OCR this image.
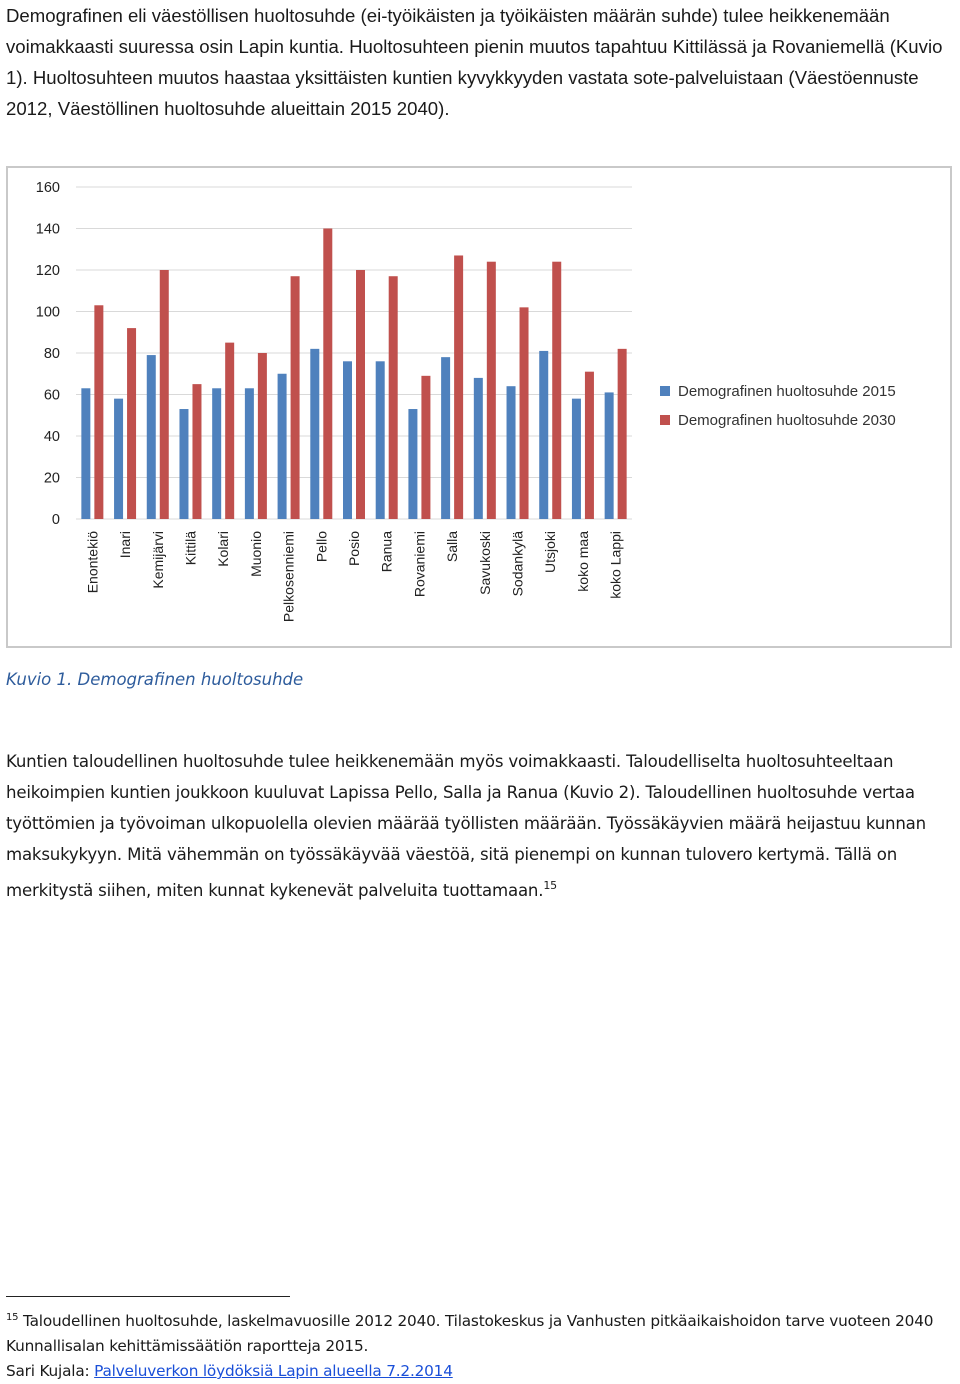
Demografinen eli väestöllisen huoltosuhde (ei-työikäisten ja työikäisten määrän suhde) tulee heikkenemään voimakkaasti suuressa osin Lapin kuntia. Huoltosuhteen pienin muutos tapahtuu Kittilässä ja Rovaniemellä (Kuvio 1). Huoltosuhteen muutos haastaa yksittäisten kuntien kyvykkyyden vastata sote-palveluistaan (Väestöennuste 2012, Väestöllinen huoltosuhde alueittain 2015 2040).

0
20
40
60
80
100
120
140
160
Enontekiö Inari Kemijärvi Kittilä Kolari Muonio Pelkosenniemi Pello Posio Ranua Rovaniemi Salla Savukoski Sodankylä Utsjoki koko maa koko Lappi
Demografinen huoltosuhde 2015
Demografinen huoltosuhde 2030

Kuvio 1. Demografinen huoltosuhde

Kuntien taloudellinen huoltosuhde tulee heikkenemään myös voimakkaasti. Taloudelliselta huoltosuhteeltaan heikoimpien kuntien joukkoon kuuluvat Lapissa Pello, Salla ja Ranua (Kuvio 2). Taloudellinen huoltosuhde vertaa työttömien ja työvoiman ulkopuolella olevien määrää työllisten määrään. Työssäkäyvien määrä heijastuu kunnan maksukykyyn. Mitä vähemmän on työssäkäyvää väestöä, sitä pienempi on kunnan tulovero kertymä. Tällä on merkitystä siihen, miten kunnat kykenevät palveluita tuottamaan.$^{15}$

$^{15}$ Taloudellinen huoltosuhde, laskelmavuosille 2012 2040. Tilastokeskus ja Vanhusten pitkäaikaishoidon tarve vuoteen 2040 Kunnallisalan kehittämissäätiön raportteja 2015.
Sari Kujala: Palveluverkon löydöksiä Lapin alueella 7.2.2014
